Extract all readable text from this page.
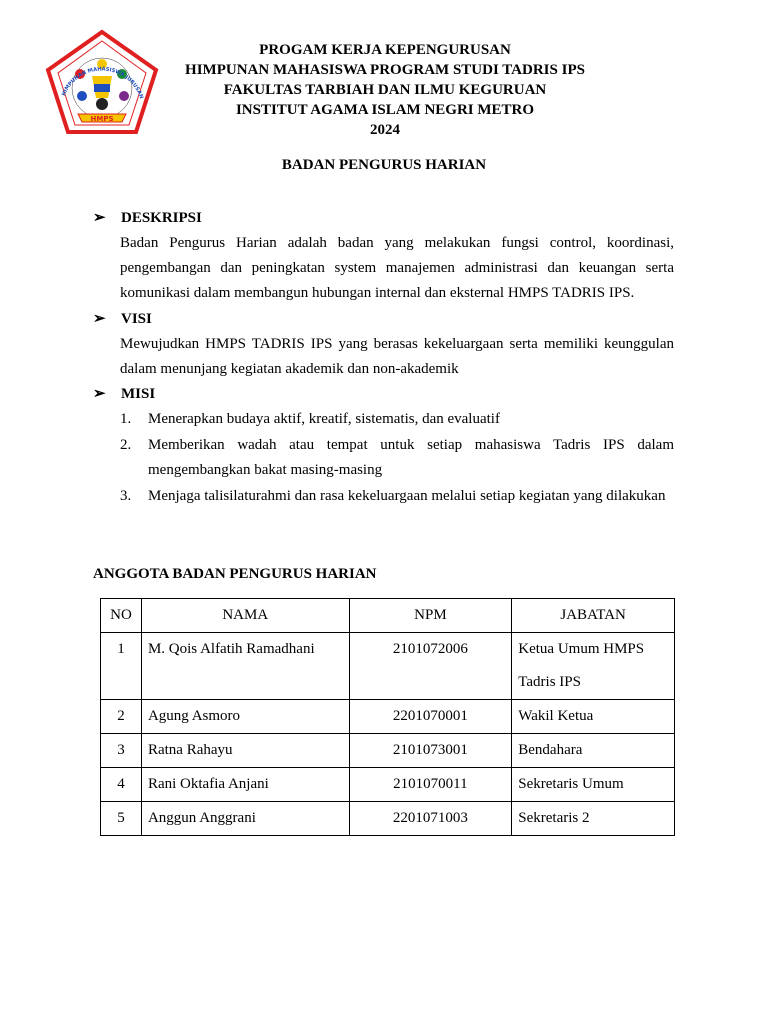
HMPS
HIMPUNAN MAHASISWA JURUSAN
PROGAM KERJA KEPENGURUSAN
HIMPUNAN MAHASISWA PROGRAM STUDI TADRIS IPS
FAKULTAS TARBIAH DAN ILMU KEGURUAN
INSTITUT AGAMA ISLAM NEGRI METRO
2024
BADAN PENGURUS HARIAN
➢ DESKRIPSI
Badan Pengurus Harian adalah badan yang melakukan fungsi control, koordinasi, pengembangan dan peningkatan system manajemen administrasi dan keuangan serta komunikasi dalam membangun hubungan internal dan eksternal HMPS TADRIS IPS.
➢ VISI
Mewujudkan HMPS TADRIS IPS yang berasas kekeluargaan serta memiliki keunggulan dalam menunjang kegiatan akademik dan non-akademik
➢ MISI
1. Menerapkan budaya aktif, kreatif, sistematis, dan evaluatif
2. Memberikan wadah atau tempat untuk setiap mahasiswa Tadris IPS dalam mengembangkan bakat masing-masing
3. Menjaga talisilaturahmi dan rasa kekeluargaan melalui setiap kegiatan yang dilakukan
ANGGOTA BADAN PENGURUS HARIAN
NO	NAMA	NPM	JABATAN
1	M. Qois Alfatih Ramadhani	2101072006	Ketua Umum HMPS
Tadris IPS

2	Agung Asmoro	2201070001	Wakil Ketua
3	Ratna Rahayu	2101073001	Bendahara
4	Rani Oktafia Anjani	2101070011	Sekretaris Umum
5	Anggun Anggrani	2201071003	Sekretaris 2
